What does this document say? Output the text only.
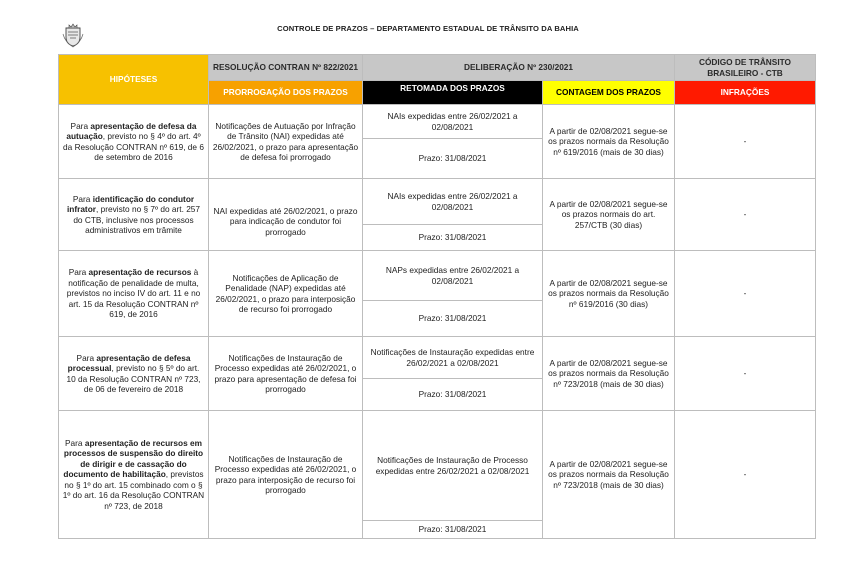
CONTROLE DE PRAZOS – DEPARTAMENTO ESTADUAL DE TRÂNSITO DA BAHIA
HIPÓTESES	RESOLUÇÃO CONTRAN Nº 822/2021	DELIBERAÇÃO Nº 230/2021		CÓDIGO DE TRÂNSITO BRASILEIRO - CTB
	PRORROGAÇÃO DOS PRAZOS	RETOMADA DOS PRAZOS	CONTAGEM DOS PRAZOS	INFRAÇÕES
Para apresentação de defesa da autuação, previsto no § 4º do art. 4º da Resolução CONTRAN nº 619, de 6 de setembro de 2016	Notificações de Autuação por Infração de Trânsito (NAI) expedidas até 26/02/2021, o prazo para apresentação de defesa foi prorrogado	NAIs expedidas entre 26/02/2021 a 02/08/2021	A partir de 02/08/2021 segue-se os prazos normais da Resolução nº 619/2016 (mais de 30 dias)	-
		Prazo: 31/08/2021		
Para identificação do condutor infrator, previsto no § 7º do art. 257 do CTB, inclusive nos processos administrativos em trâmite	NAI expedidas até 26/02/2021, o prazo para indicação de condutor foi prorrogado	NAIs expedidas entre 26/02/2021 a 02/08/2021	A partir de 02/08/2021 segue-se os prazos normais do art. 257/CTB (30 dias)	-
		Prazo: 31/08/2021		
Para apresentação de recursos à notificação de penalidade de multa, previstos no inciso IV do art. 11 e no art. 15 da Resolução CONTRAN nº 619, de 2016	Notificações de Aplicação de Penalidade (NAP) expedidas até 26/02/2021, o prazo para interposição de recurso foi prorrogado	NAPs expedidas entre 26/02/2021 a 02/08/2021	A partir de 02/08/2021 segue-se os prazos normais da Resolução nº 619/2016 (30 dias)	-
		Prazo: 31/08/2021		
Para apresentação de defesa processual, previsto no § 5º do art. 10 da Resolução CONTRAN nº 723, de 06 de fevereiro de 2018	Notificações de Instauração de Processo expedidas até 26/02/2021, o prazo para apresentação de defesa foi prorrogado	Notificações de Instauração expedidas entre 26/02/2021 a 02/08/2021	A partir de 02/08/2021 segue-se os prazos normais da Resolução nº 723/2018 (mais de 30 dias)	-
		Prazo: 31/08/2021		
Para apresentação de recursos em processos de suspensão do direito de dirigir e de cassação do documento de habilitação, previstos no § 1º do art. 15 combinado com o § 1º do art. 16 da Resolução CONTRAN nº 723, de 2018	Notificações de Instauração de Processo expedidas até 26/02/2021, o prazo para interposição de recurso foi prorrogado	Notificações de Instauração de Processo expedidas entre 26/02/2021 a 02/08/2021	A partir de 02/08/2021 segue-se os prazos normais da Resolução nº 723/2018 (mais de 30 dias)	-
		Prazo: 31/08/2021		
